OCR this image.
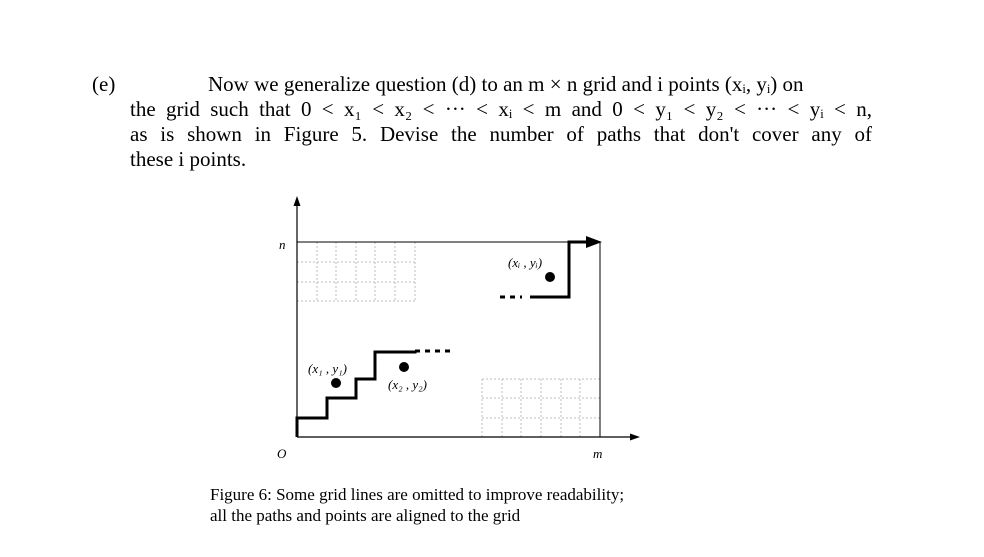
(e)	Now we generalize question (d) to an m × n grid and i points (xᵢ, yᵢ) on
the grid such that 0 < x₁ < x₂ < ··· < xᵢ < m and 0 < y₁ < y₂ < ··· < yᵢ < n,
as is shown in Figure 5. Devise the number of paths that don't cover any of
these i points.
n
m
O
(x₁ , y₁)
(x₂ , y₂)
(xᵢ , yᵢ)
Figure 6: Some grid lines are omitted to improve readability;
all the paths and points are aligned to the grid
